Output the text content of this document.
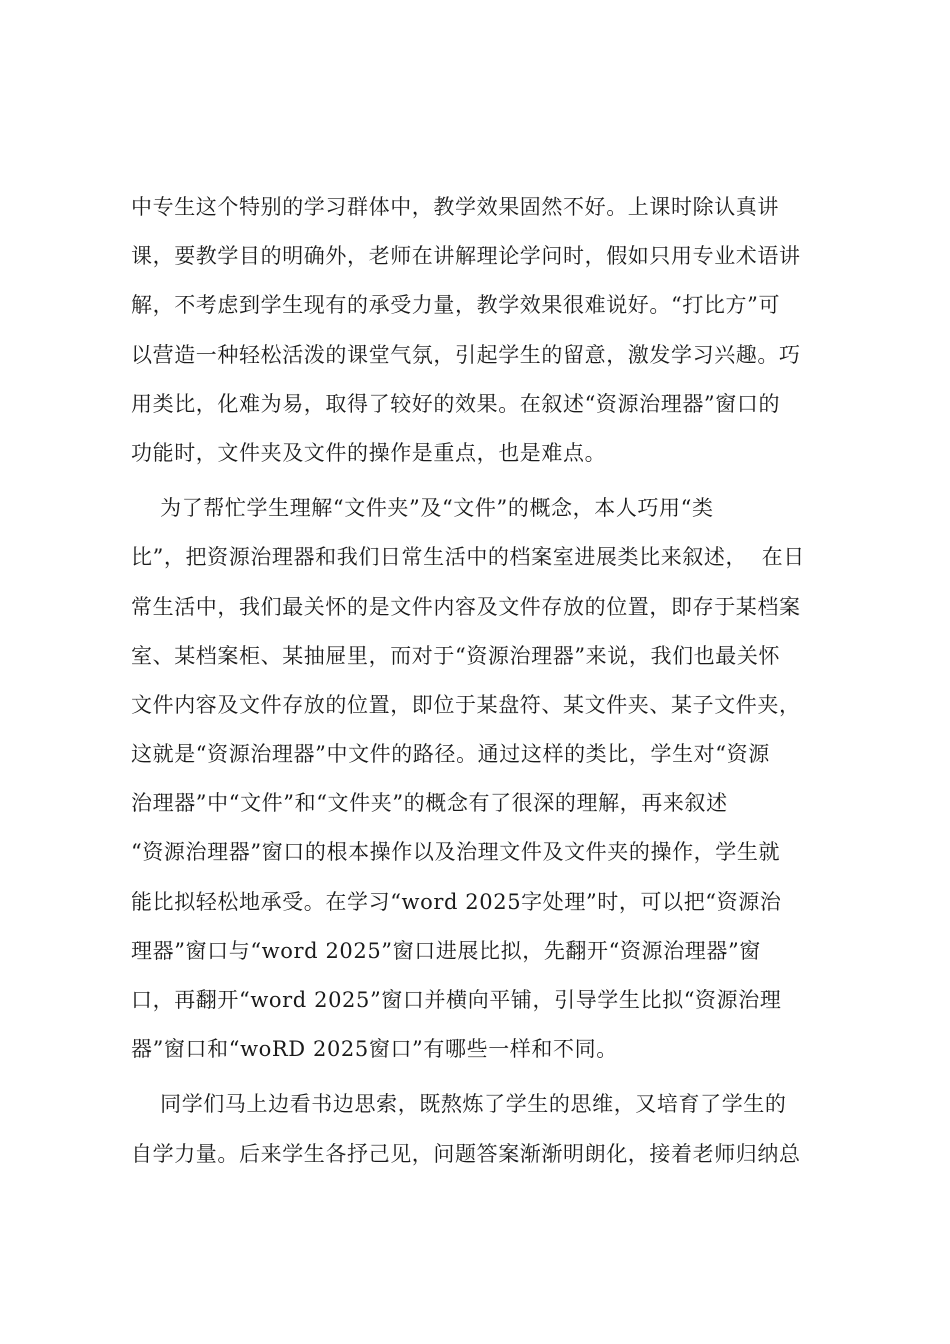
中专生这个特别的学习群体中，教学效果固然不好。上课时除认真讲
课，要教学目的明确外，老师在讲解理论学问时，假如只用专业术语讲
解，不考虑到学生现有的承受力量，教学效果很难说好。“打比方”可
以营造一种轻松活泼的课堂气氛，引起学生的留意，激发学习兴趣。巧
用类比，化难为易，取得了较好的效果。在叙述“资源治理器”窗口的
功能时，文件夹及文件的操作是重点，也是难点。
为了帮忙学生理解“文件夹”及“文件”的概念，本人巧用“类
比”，把资源治理器和我们日常生活中的档案室进展类比来叙述，  在日
常生活中，我们最关怀的是文件内容及文件存放的位置，即存于某档案
室、某档案柜、某抽屉里，而对于“资源治理器”来说，我们也最关怀
文件内容及文件存放的位置，即位于某盘符、某文件夹、某子文件夹，
这就是“资源治理器”中文件的路径。通过这样的类比，学生对“资源
治理器”中“文件”和“文件夹”的概念有了很深的理解，再来叙述
“资源治理器”窗口的根本操作以及治理文件及文件夹的操作，学生就
能比拟轻松地承受。在学习“word 2025字处理”时，可以把“资源治
理器”窗口与“word 2025”窗口进展比拟，先翻开“资源治理器”窗
口，再翻开“word 2025”窗口并横向平铺，引导学生比拟“资源治理
器”窗口和“woRD 2025窗口”有哪些一样和不同。
同学们马上边看书边思索，既熬炼了学生的思维，又培育了学生的
自学力量。后来学生各抒己见，问题答案渐渐明朗化，接着老师归纳总
